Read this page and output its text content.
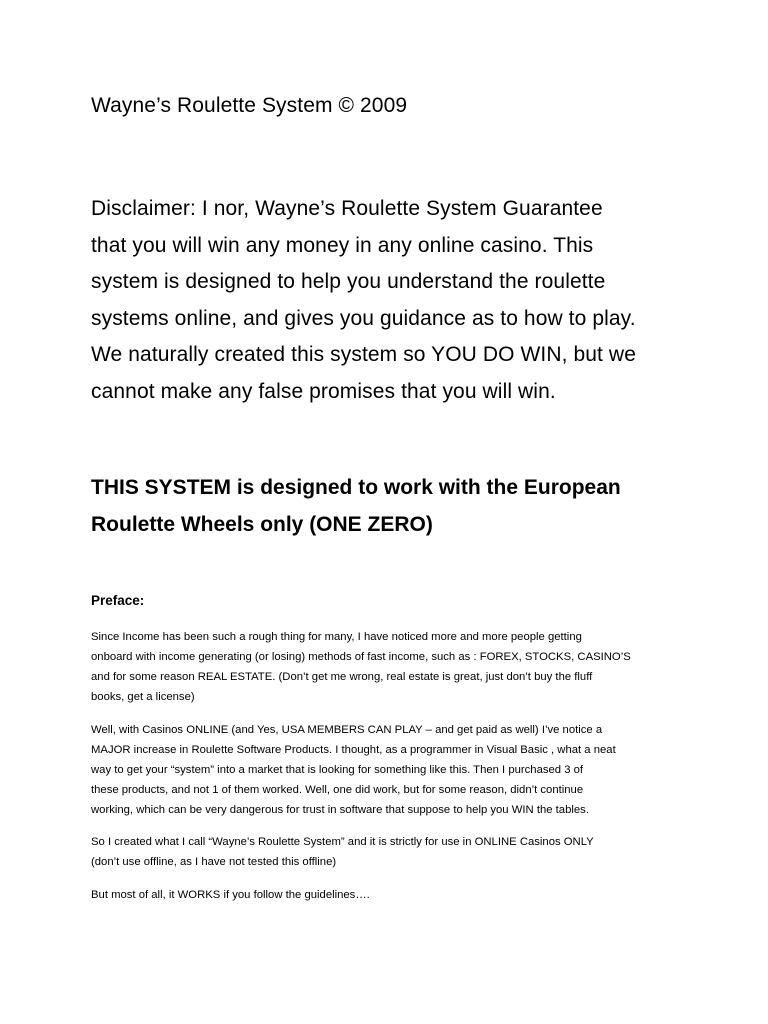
Wayne’s Roulette System © 2009

Disclaimer: I nor, Wayne’s Roulette System Guarantee
that you will win any money in any online casino. This
system is designed to help you understand the roulette
systems online, and gives you guidance as to how to play.
We naturally created this system so YOU DO WIN, but we
cannot make any false promises that you will win.

THIS SYSTEM is designed to work with the European
Roulette Wheels only (ONE ZERO)
Preface:

Since Income has been such a rough thing for many, I have noticed more and more people getting
onboard with income generating (or losing) methods of fast income, such as : FOREX, STOCKS, CASINO’S
and for some reason REAL ESTATE. (Don’t get me wrong, real estate is great, just don’t buy the fluff
books, get a license)

Well, with Casinos ONLINE (and Yes, USA MEMBERS CAN PLAY – and get paid as well) I’ve notice a
MAJOR increase in Roulette Software Products. I thought, as a programmer in Visual Basic , what a neat
way to get your “system” into a market that is looking for something like this. Then I purchased 3 of
these products, and not 1 of them worked. Well, one did work, but for some reason, didn’t continue
working, which can be very dangerous for trust in software that suppose to help you WIN the tables.

So I created what I call “Wayne’s Roulette System” and it is strictly for use in ONLINE Casinos ONLY
(don’t use offline, as I have not tested this offline)

But most of all, it WORKS if you follow the guidelines….
